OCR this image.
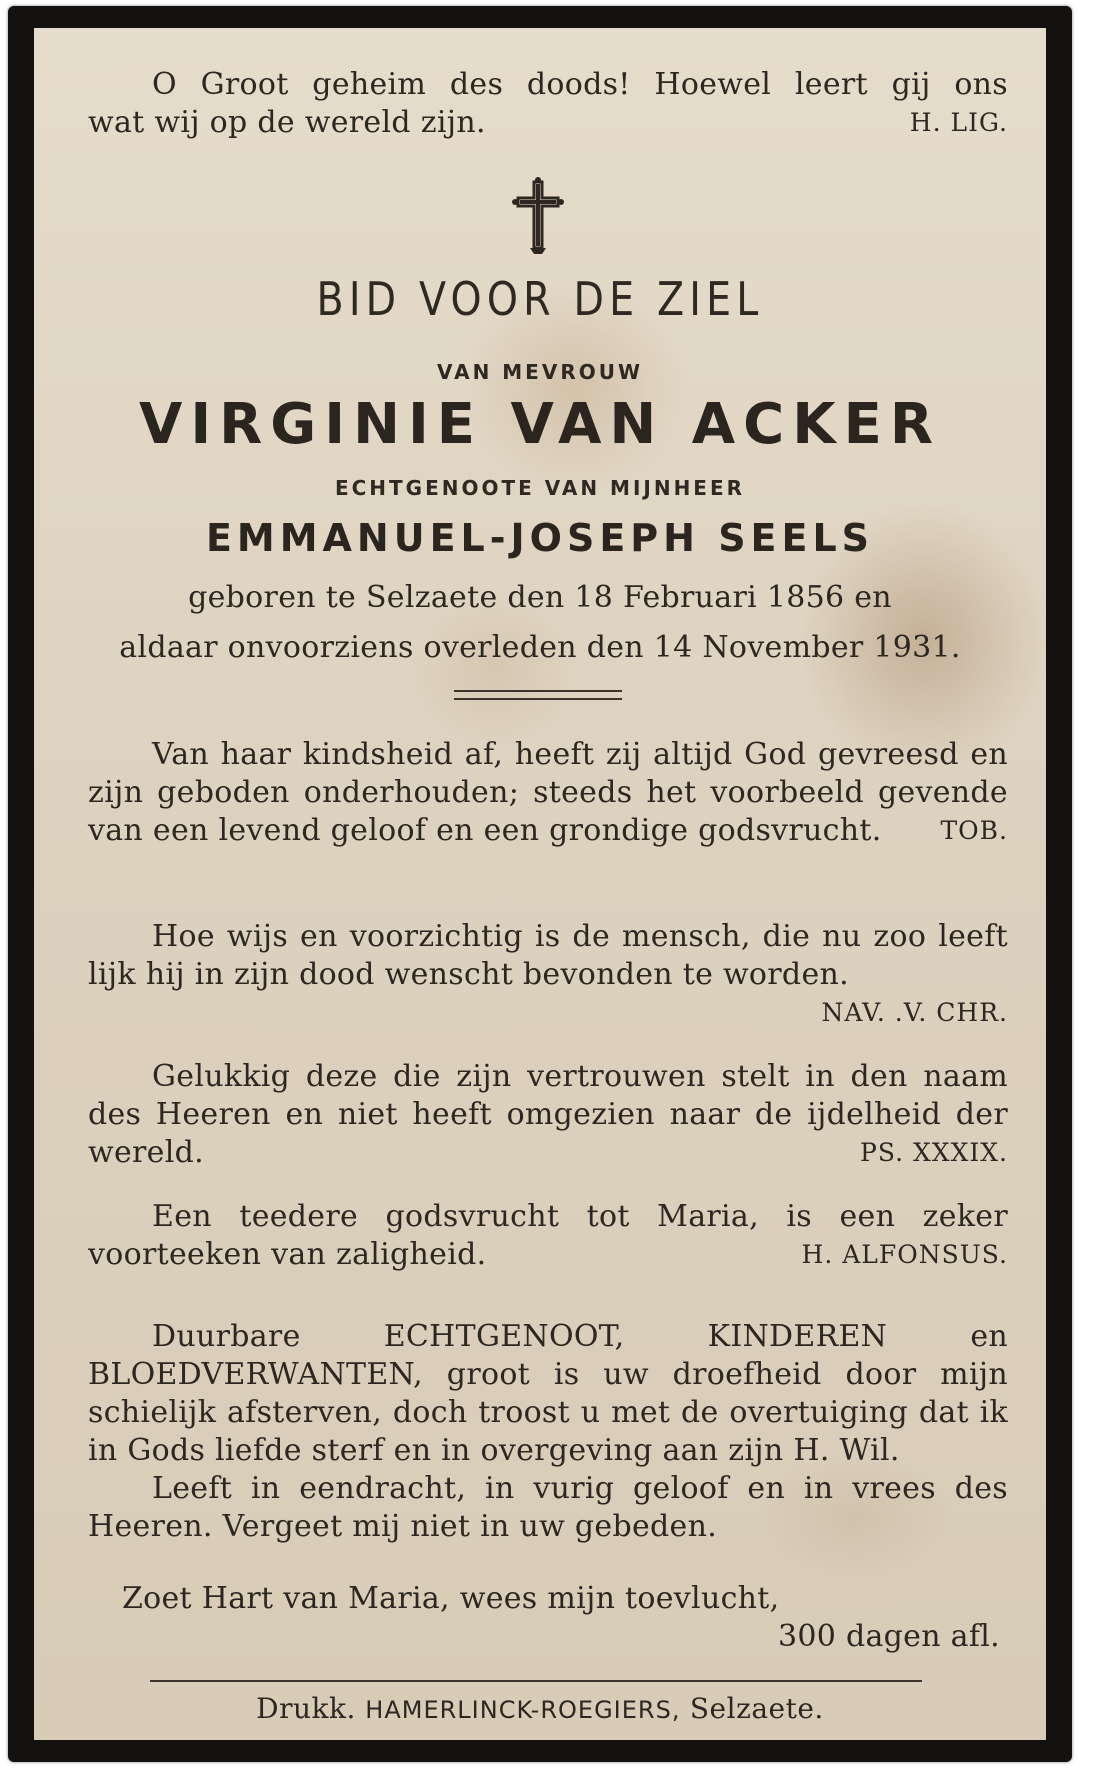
O Groot geheim des doods! Hoewel leert gij ons
wat wij op de wereld zijn.	H. LIG.
BID VOOR DE ZIEL
VAN MEVROUW
VIRGINIE VAN ACKER
ECHTGENOOTE VAN MIJNHEER
EMMANUEL-JOSEPH SEELS
geboren te Selzaete den 18 Februari 1856 en
aldaar onvoorziens overleden den 14 November 1931.
Van haar kindsheid af, heeft zij altijd God gevreesd en zijn geboden onderhouden; steeds het voorbeeld gevende van een levend geloof en een grondige godsvrucht.	TOB.
Hoe wijs en voorzichtig is de mensch, die nu zoo leeft lijk hij in zijn dood wenscht bevonden te worden.
NAV. .V. CHR.
Gelukkig deze die zijn vertrouwen stelt in den naam des Heeren en niet heeft omgezien naar de ijdelheid der wereld.	PS. XXXIX.
Een teedere godsvrucht tot Maria, is een zeker voorteeken van zaligheid.	H. ALFONSUS.
Duurbare ECHTGENOOT, KINDEREN en BLOEDVERWANTEN, groot is uw droefheid door mijn schielijk afsterven, doch troost u met de overtuiging dat ik in Gods liefde sterf en in overgeving aan zijn H. Wil.
Leeft in eendracht, in vurig geloof en in vrees des Heeren. Vergeet mij niet in uw gebeden.
Zoet Hart van Maria, wees mijn toevlucht,
300 dagen afl.
Drukk. HAMERLINCK-ROEGIERS, Selzaete.
